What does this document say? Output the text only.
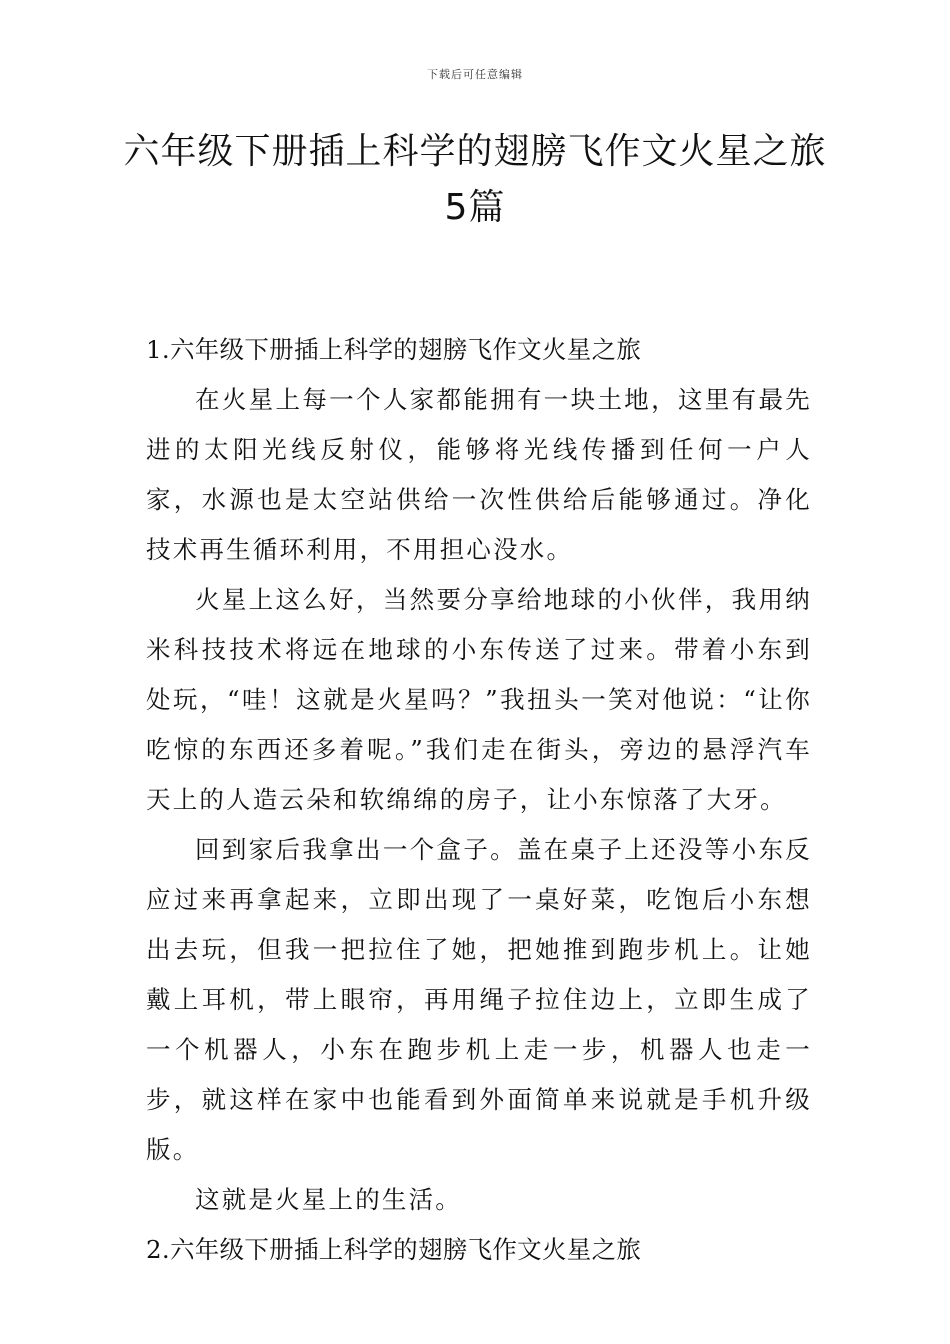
下载后可任意编辑
六年级下册插上科学的翅膀飞作文火星之旅5篇

1.六年级下册插上科学的翅膀飞作文火星之旅

在火星上每一个人家都能拥有一块土地，这里有最先进的太阳光线反射仪，能够将光线传播到任何一户人家，水源也是太空站供给一次性供给后能够通过。净化技术再生循环利用，不用担心没水。

火星上这么好，当然要分享给地球的小伙伴，我用纳米科技技术将远在地球的小东传送了过来。带着小东到处玩，“哇！这就是火星吗？”我扭头一笑对他说：“让你吃惊的东西还多着呢。”我们走在街头，旁边的悬浮汽车天上的人造云朵和软绵绵的房子，让小东惊落了大牙。

回到家后我拿出一个盒子。盖在桌子上还没等小东反应过来再拿起来，立即出现了一桌好菜，吃饱后小东想出去玩，但我一把拉住了她，把她推到跑步机上。让她戴上耳机，带上眼帘，再用绳子拉住边上，立即生成了一个机器人，小东在跑步机上走一步，机器人也走一步，就这样在家中也能看到外面简单来说就是手机升级版。

这就是火星上的生活。

2.六年级下册插上科学的翅膀飞作文火星之旅
